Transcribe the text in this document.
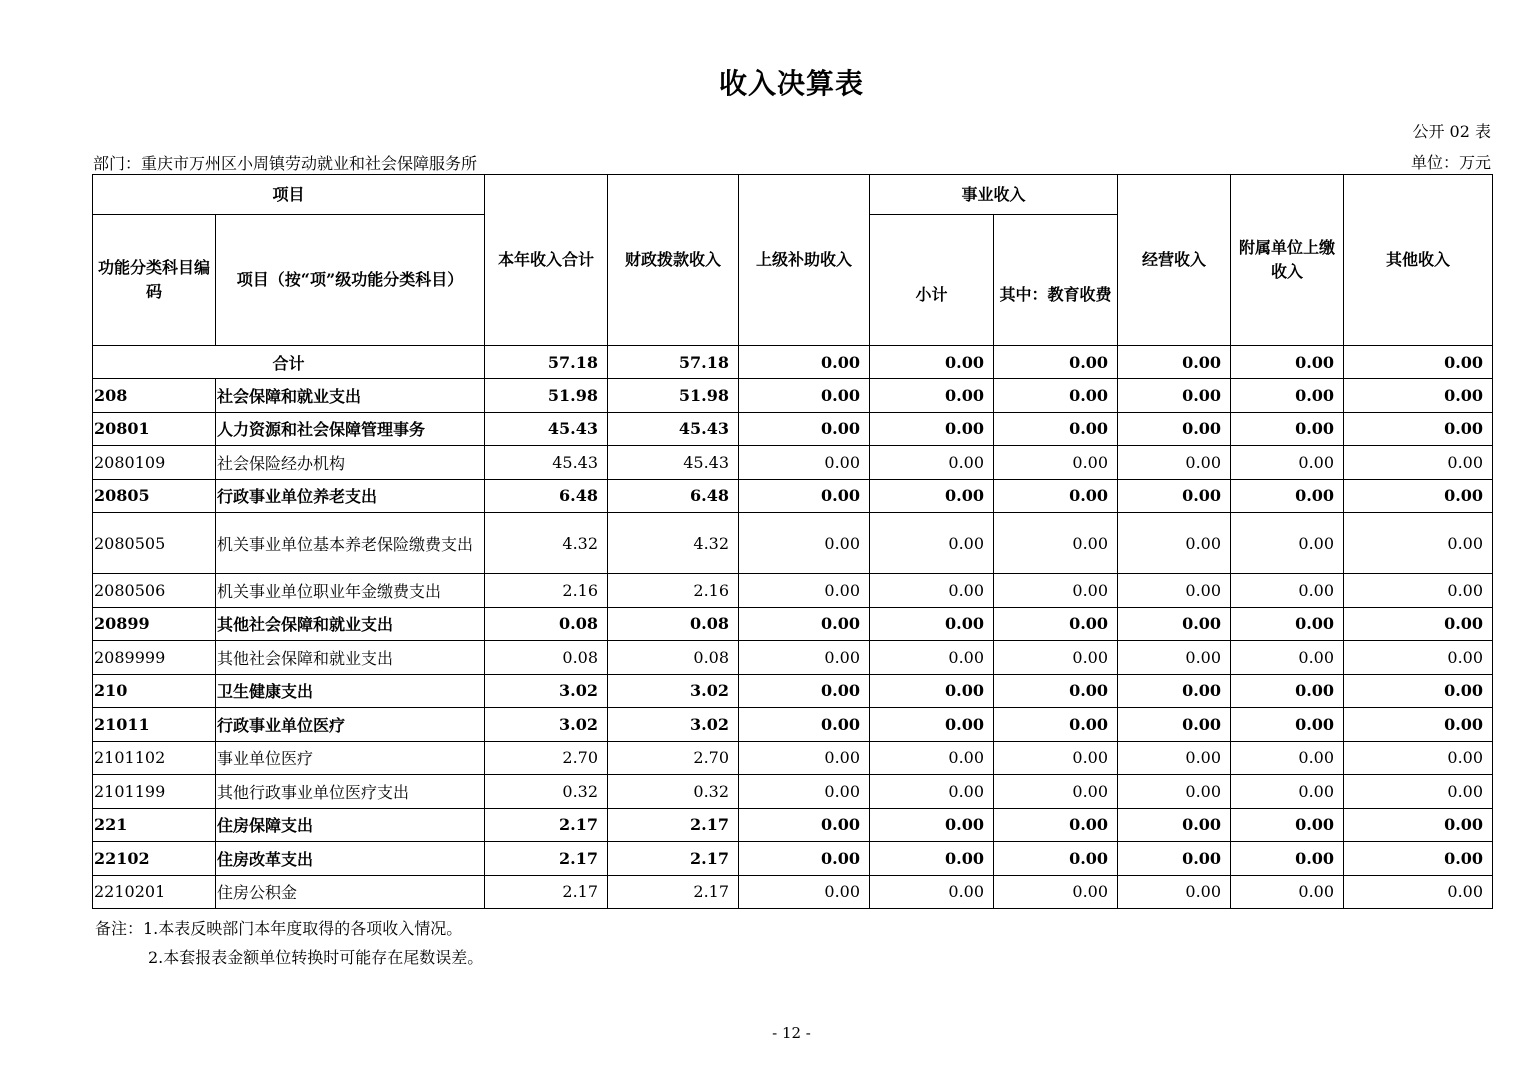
收入决算表
公开 02 表
部门：重庆市万州区小周镇劳动就业和社会保障服务所	单位：万元
项目		本年收入合计	财政拨款收入	上级补助收入	事业收入		经营收入	附属单位上缴收入	其他收入
功能分类科目编码	项目（按“项”级功能分类科目）				小计	其中：教育收费			
合计		57.18	57.18	0.00	0.00	0.00	0.00	0.00	0.00
208	社会保障和就业支出	51.98	51.98	0.00	0.00	0.00	0.00	0.00	0.00
20801	人力资源和社会保障管理事务	45.43	45.43	0.00	0.00	0.00	0.00	0.00	0.00
2080109	社会保险经办机构	45.43	45.43	0.00	0.00	0.00	0.00	0.00	0.00
20805	行政事业单位养老支出	6.48	6.48	0.00	0.00	0.00	0.00	0.00	0.00
2080505	机关事业单位基本养老保险缴费支出	4.32	4.32	0.00	0.00	0.00	0.00	0.00	0.00
2080506	机关事业单位职业年金缴费支出	2.16	2.16	0.00	0.00	0.00	0.00	0.00	0.00
20899	其他社会保障和就业支出	0.08	0.08	0.00	0.00	0.00	0.00	0.00	0.00
2089999	其他社会保障和就业支出	0.08	0.08	0.00	0.00	0.00	0.00	0.00	0.00
210	卫生健康支出	3.02	3.02	0.00	0.00	0.00	0.00	0.00	0.00
21011	行政事业单位医疗	3.02	3.02	0.00	0.00	0.00	0.00	0.00	0.00
2101102	事业单位医疗	2.70	2.70	0.00	0.00	0.00	0.00	0.00	0.00
2101199	其他行政事业单位医疗支出	0.32	0.32	0.00	0.00	0.00	0.00	0.00	0.00
221	住房保障支出	2.17	2.17	0.00	0.00	0.00	0.00	0.00	0.00
22102	住房改革支出	2.17	2.17	0.00	0.00	0.00	0.00	0.00	0.00
2210201	住房公积金	2.17	2.17	0.00	0.00	0.00	0.00	0.00	0.00
备注：1.本表反映部门本年度取得的各项收入情况。
2.本套报表金额单位转换时可能存在尾数误差。
- 12 -
